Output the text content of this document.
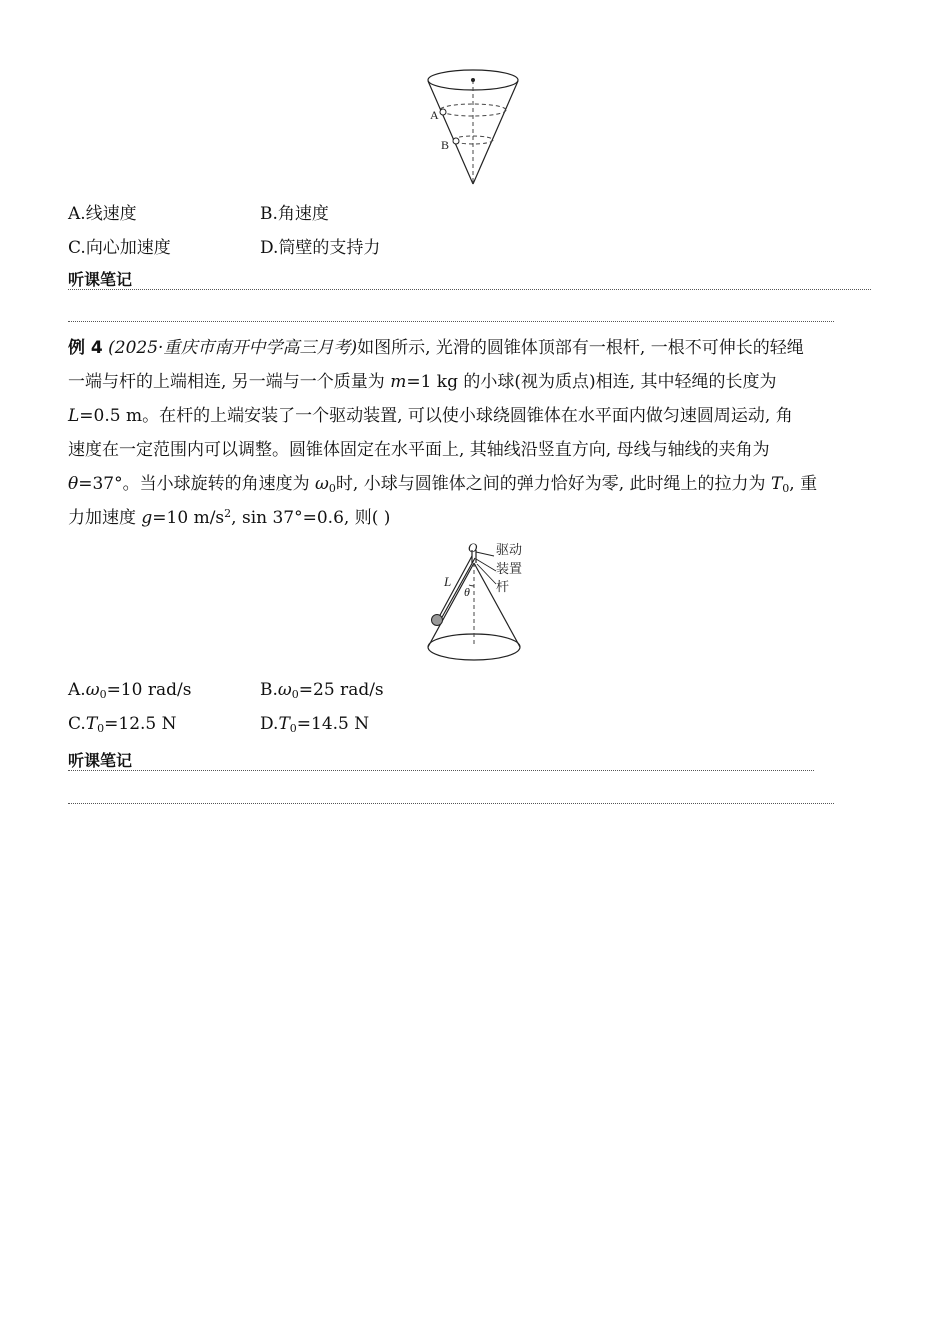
A
B
A.线速度	B.角速度
C.向心加速度	D.筒壁的支持力
听课笔记
例 4 (2025·重庆市南开中学高三月考)如图所示, 光滑的圆锥体顶部有一根杆, 一根不可伸长的轻绳
一端与杆的上端相连, 另一端与一个质量为 m=1 kg 的小球(视为质点)相连, 其中轻绳的长度为
L=0.5 m。在杆的上端安装了一个驱动装置, 可以使小球绕圆锥体在水平面内做匀速圆周运动, 角
速度在一定范围内可以调整。圆锥体固定在水平面上, 其轴线沿竖直方向, 母线与轴线的夹角为
θ=37°。当小球旋转的角速度为 $\omega_0$时, 小球与圆锥体之间的弹力恰好为零, 此时绳上的拉力为 $T_0$, 重
力加速度 g=10 $m/s^2$, sin 37°=0.6, 则( )
O
L
θ
驱动
装置
杆
$A.\omega_0=10$ rad/s	$B.\omega_0=25$ rad/s
$C.T_0=12.5$ N	$D.T_0=14.5$ N
听课笔记
